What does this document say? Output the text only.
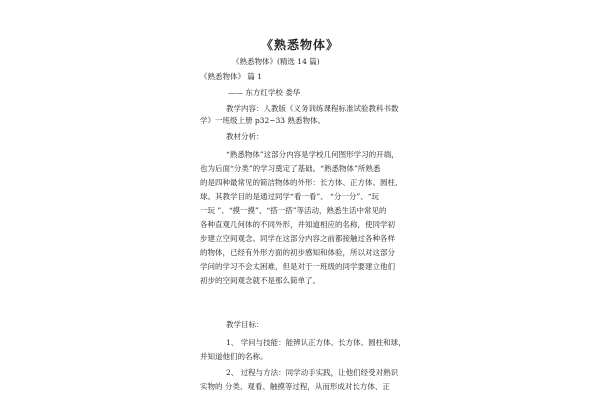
《熟悉物体》
《熟悉物体》(精选 14 篇)
《熟悉物体》 篇 1
—— 东方红学校 娄华
教学内容：人教版《义务训练课程标准试验教科书数
学》一班级上册 p32~33 熟悉物体。
教材分析：
“熟悉物体”这部分内容是学校几何图形学习的开端，
也为后面“分类”的学习奠定了基础。“熟悉物体”所熟悉
的是四种最常见的简洁物体的外形：长方体、正方体、圆柱、
球。其教学目的是通过同学“看一看”、 “分一分”、“玩
一玩 ”、“摸一摸”、“搭一搭”等活动，熟悉生活中常见的
各种直观几何体的不同外形，并知道相应的名称，使同学初
步建立空间观念。同学在这部分内容之前都接触过各种各样
的物体，已经有外形方面的初步感知和体验，所以对这部分
学问的学习不会太困难，但是对于一班级的同学要建立他们
初步的空间观念就不是那么简单了。
教学目标：
1、 学问与技能：能辨认正方体、长方体、圆柱和球，
并知道他们的名称。
2、 过程与方法：同学动手实践，让他们经受对熟识
实物的 分类、观看、触摸等过程，从而形成对长方体、正
